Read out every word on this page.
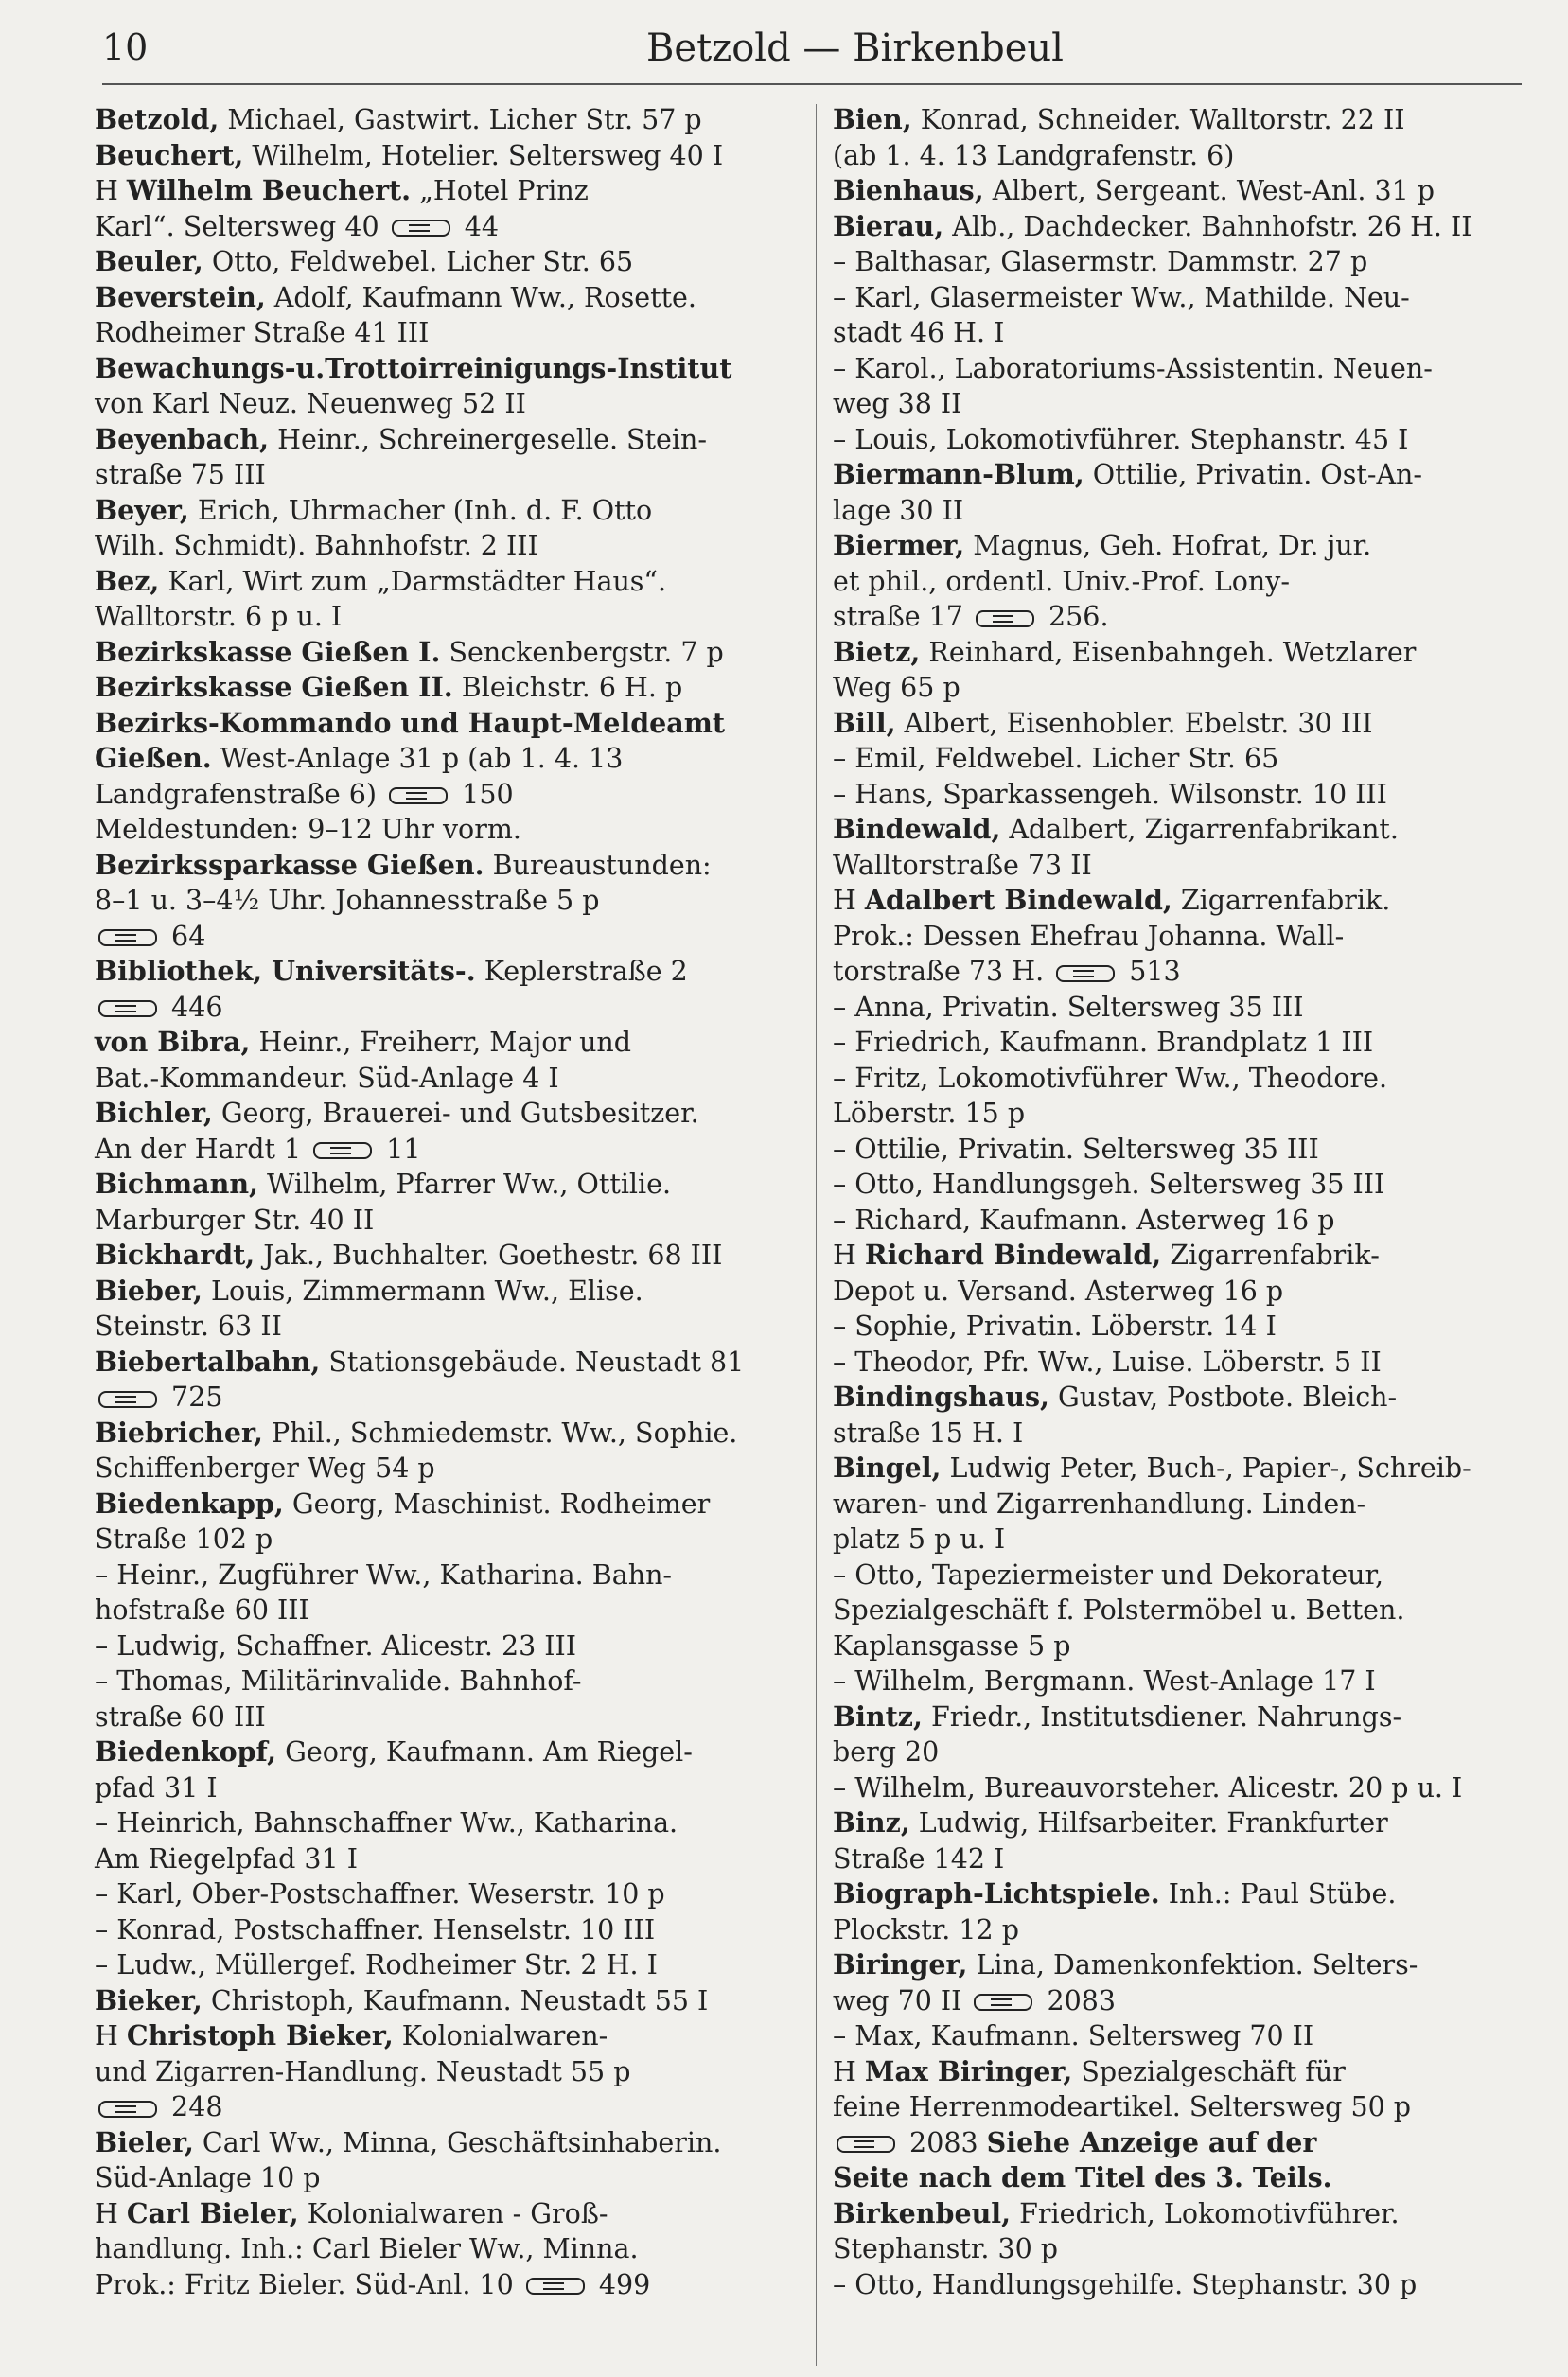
10	Betzold — Birkenbeul

Betzold, Michael, Gastwirt. Licher Str. 57 p

Beuchert, Wilhelm, Hotelier. Seltersweg 40 I

H Wilhelm Beuchert. „Hotel Prinz

Karl“. Seltersweg 40	44

Beuler, Otto, Feldwebel. Licher Str. 65

Beverstein, Adolf, Kaufmann Ww., Rosette.

Rodheimer Straße 41 III

Bewachungs-u.Trottoirreinigungs-Institut

von Karl Neuz. Neuenweg 52 II

Beyenbach, Heinr., Schreinergeselle. Stein-

straße 75 III

Beyer, Erich, Uhrmacher (Inh. d. F. Otto

Wilh. Schmidt). Bahnhofstr. 2 III

Bez, Karl, Wirt zum „Darmstädter Haus“.

Walltorstr. 6 p u. I

Bezirkskasse Gießen I. Senckenbergstr. 7 p

Bezirkskasse Gießen II. Bleichstr. 6 H. p

Bezirks-Kommando und Haupt-Meldeamt

Gießen. West-Anlage 31 p (ab 1. 4. 13

Landgrafenstraße 6)	150

Meldestunden: 9–12 Uhr vorm.

Bezirkssparkasse Gießen. Bureaustunden:

8–1 u. 3–4½ Uhr. Johannesstraße 5 p

64

Bibliothek, Universitäts-. Keplerstraße 2

446

von Bibra, Heinr., Freiherr, Major und

Bat.-Kommandeur. Süd-Anlage 4 I

Bichler, Georg, Brauerei- und Gutsbesitzer.

An der Hardt 1	11

Bichmann, Wilhelm, Pfarrer Ww., Ottilie.

Marburger Str. 40 II

Bickhardt, Jak., Buchhalter. Goethestr. 68 III

Bieber, Louis, Zimmermann Ww., Elise.

Steinstr. 63 II

Biebertalbahn, Stationsgebäude. Neustadt 81

725

Biebricher, Phil., Schmiedemstr. Ww., Sophie.

Schiffenberger Weg 54 p

Biedenkapp, Georg, Maschinist. Rodheimer

Straße 102 p

– Heinr., Zugführer Ww., Katharina. Bahn-

hofstraße 60 III

– Ludwig, Schaffner. Alicestr. 23 III

– Thomas, Militärinvalide. Bahnhof-

straße 60 III

Biedenkopf, Georg, Kaufmann. Am Riegel-

pfad 31 I

– Heinrich, Bahnschaffner Ww., Katharina.

Am Riegelpfad 31 I

– Karl, Ober-Postschaffner. Weserstr. 10 p

– Konrad, Postschaffner. Henselstr. 10 III

– Ludw., Müllergef. Rodheimer Str. 2 H. I

Bieker, Christoph, Kaufmann. Neustadt 55 I

H Christoph Bieker, Kolonialwaren-

und Zigarren-Handlung. Neustadt 55 p

248

Bieler, Carl Ww., Minna, Geschäftsinhaberin.

Süd-Anlage 10 p

H Carl Bieler, Kolonialwaren - Groß-

handlung. Inh.: Carl Bieler Ww., Minna.

Prok.: Fritz Bieler. Süd-Anl. 10	499

Bien, Konrad, Schneider. Walltorstr. 22 II

(ab 1. 4. 13 Landgrafenstr. 6)

Bienhaus, Albert, Sergeant. West-Anl. 31 p

Bierau, Alb., Dachdecker. Bahnhofstr. 26 H. II

– Balthasar, Glasermstr. Dammstr. 27 p

– Karl, Glasermeister Ww., Mathilde. Neu-

stadt 46 H. I

– Karol., Laboratoriums-Assistentin. Neuen-

weg 38 II

– Louis, Lokomotivführer. Stephanstr. 45 I

Biermann-Blum, Ottilie, Privatin. Ost-An-

lage 30 II

Biermer, Magnus, Geh. Hofrat, Dr. jur.

et phil., ordentl. Univ.-Prof. Lony-

straße 17	256.

Bietz, Reinhard, Eisenbahngeh. Wetzlarer

Weg 65 p

Bill, Albert, Eisenhobler. Ebelstr. 30 III

– Emil, Feldwebel. Licher Str. 65

– Hans, Sparkassengeh. Wilsonstr. 10 III

Bindewald, Adalbert, Zigarrenfabrikant.

Walltorstraße 73 II

H Adalbert Bindewald, Zigarrenfabrik.

Prok.: Dessen Ehefrau Johanna. Wall-

torstraße 73 H.	513

– Anna, Privatin. Seltersweg 35 III

– Friedrich, Kaufmann. Brandplatz 1 III

– Fritz, Lokomotivführer Ww., Theodore.

Löberstr. 15 p

– Ottilie, Privatin. Seltersweg 35 III

– Otto, Handlungsgeh. Seltersweg 35 III

– Richard, Kaufmann. Asterweg 16 p

H Richard Bindewald, Zigarrenfabrik-

Depot u. Versand. Asterweg 16 p

– Sophie, Privatin. Löberstr. 14 I

– Theodor, Pfr. Ww., Luise. Löberstr. 5 II

Bindingshaus, Gustav, Postbote. Bleich-

straße 15 H. I

Bingel, Ludwig Peter, Buch-, Papier-, Schreib-

waren- und Zigarrenhandlung. Linden-

platz 5 p u. I

– Otto, Tapeziermeister und Dekorateur,

Spezialgeschäft f. Polstermöbel u. Betten.

Kaplansgasse 5 p

– Wilhelm, Bergmann. West-Anlage 17 I

Bintz, Friedr., Institutsdiener. Nahrungs-

berg 20

– Wilhelm, Bureauvorsteher. Alicestr. 20 p u. I

Binz, Ludwig, Hilfsarbeiter. Frankfurter

Straße 142 I

Biograph-Lichtspiele. Inh.: Paul Stübe.

Plockstr. 12 p

Biringer, Lina, Damenkonfektion. Selters-

weg 70 II	2083

– Max, Kaufmann. Seltersweg 70 II

H Max Biringer, Spezialgeschäft für

feine Herrenmodeartikel. Seltersweg 50 p

2083 Siehe Anzeige auf der

Seite nach dem Titel des 3. Teils.

Birkenbeul, Friedrich, Lokomotivführer.

Stephanstr. 30 p

– Otto, Handlungsgehilfe. Stephanstr. 30 p
